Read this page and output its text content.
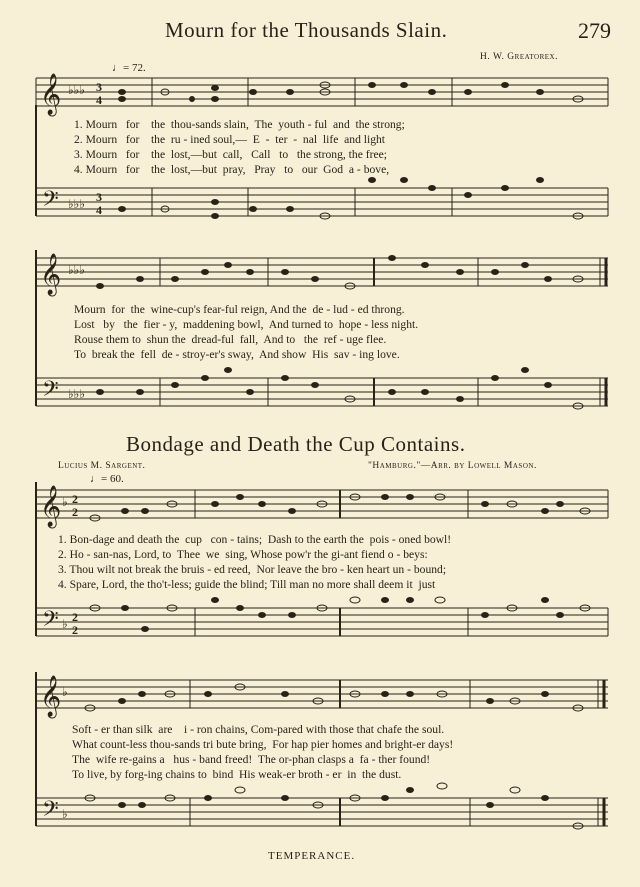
Mourn for the Thousands Slain.	279
H. W. Greatorex.
♩= 72.
𝄞 ♭♭♭ 3
4
1. Mourn   for    the  thou-sands slain,  The  youth - ful  and  the strong;
2. Mourn   for    the  ru - ined soul,—  E  -  ter  -  nal  life  and light
3. Mourn   for    the  lost,—but  call,   Call   to   the strong, the free;
4. Mourn   for    the  lost,—but  pray,   Pray   to   our  God  a - bove,
𝄢 ♭♭♭ 3
4
𝄞 ♭♭♭
Mourn  for  the  wine-cup's fear-ful reign, And the  de - lud - ed throng.
Lost   by   the  fier - y,  maddening bowl,  And turned to  hope - less night.
Rouse them to  shun the  dread-ful  fall,  And to   the  ref - uge flee.
To  break the  fell  de - stroy-er's sway,  And show  His  sav - ing love.
𝄢 ♭♭♭
Bondage and Death the Cup Contains.
Lucius M. Sargent.	"Hamburg."—Arr. by Lowell Mason.
♩= 60.
𝄞 ♭ 2
2
1. Bon-dage and death the  cup   con - tains;  Dash to the earth the  pois - oned bowl!
2. Ho - san-nas, Lord, to  Thee  we  sing, Whose pow'r the gi-ant fiend o - beys:
3. Thou wilt not break the bruis - ed reed,  Nor leave the bro - ken heart un - bound;
4. Spare, Lord, the tho't-less; guide the blind; Till man no more shall deem it  just
𝄢 ♭ 2
2
𝄞 ♭
Soft - er than silk  are    i - ron chains, Com-pared with those that chafe the soul.
What count-less thou-sands tri bute bring,  For hap pier homes and bright-er days!
The  wife re-gains a   hus - band freed!  The or-phan clasps a  fa - ther found!
To live, by forg-ing chains to  bind  His weak-er broth - er  in  the dust.
𝄢 ♭
TEMPERANCE.
